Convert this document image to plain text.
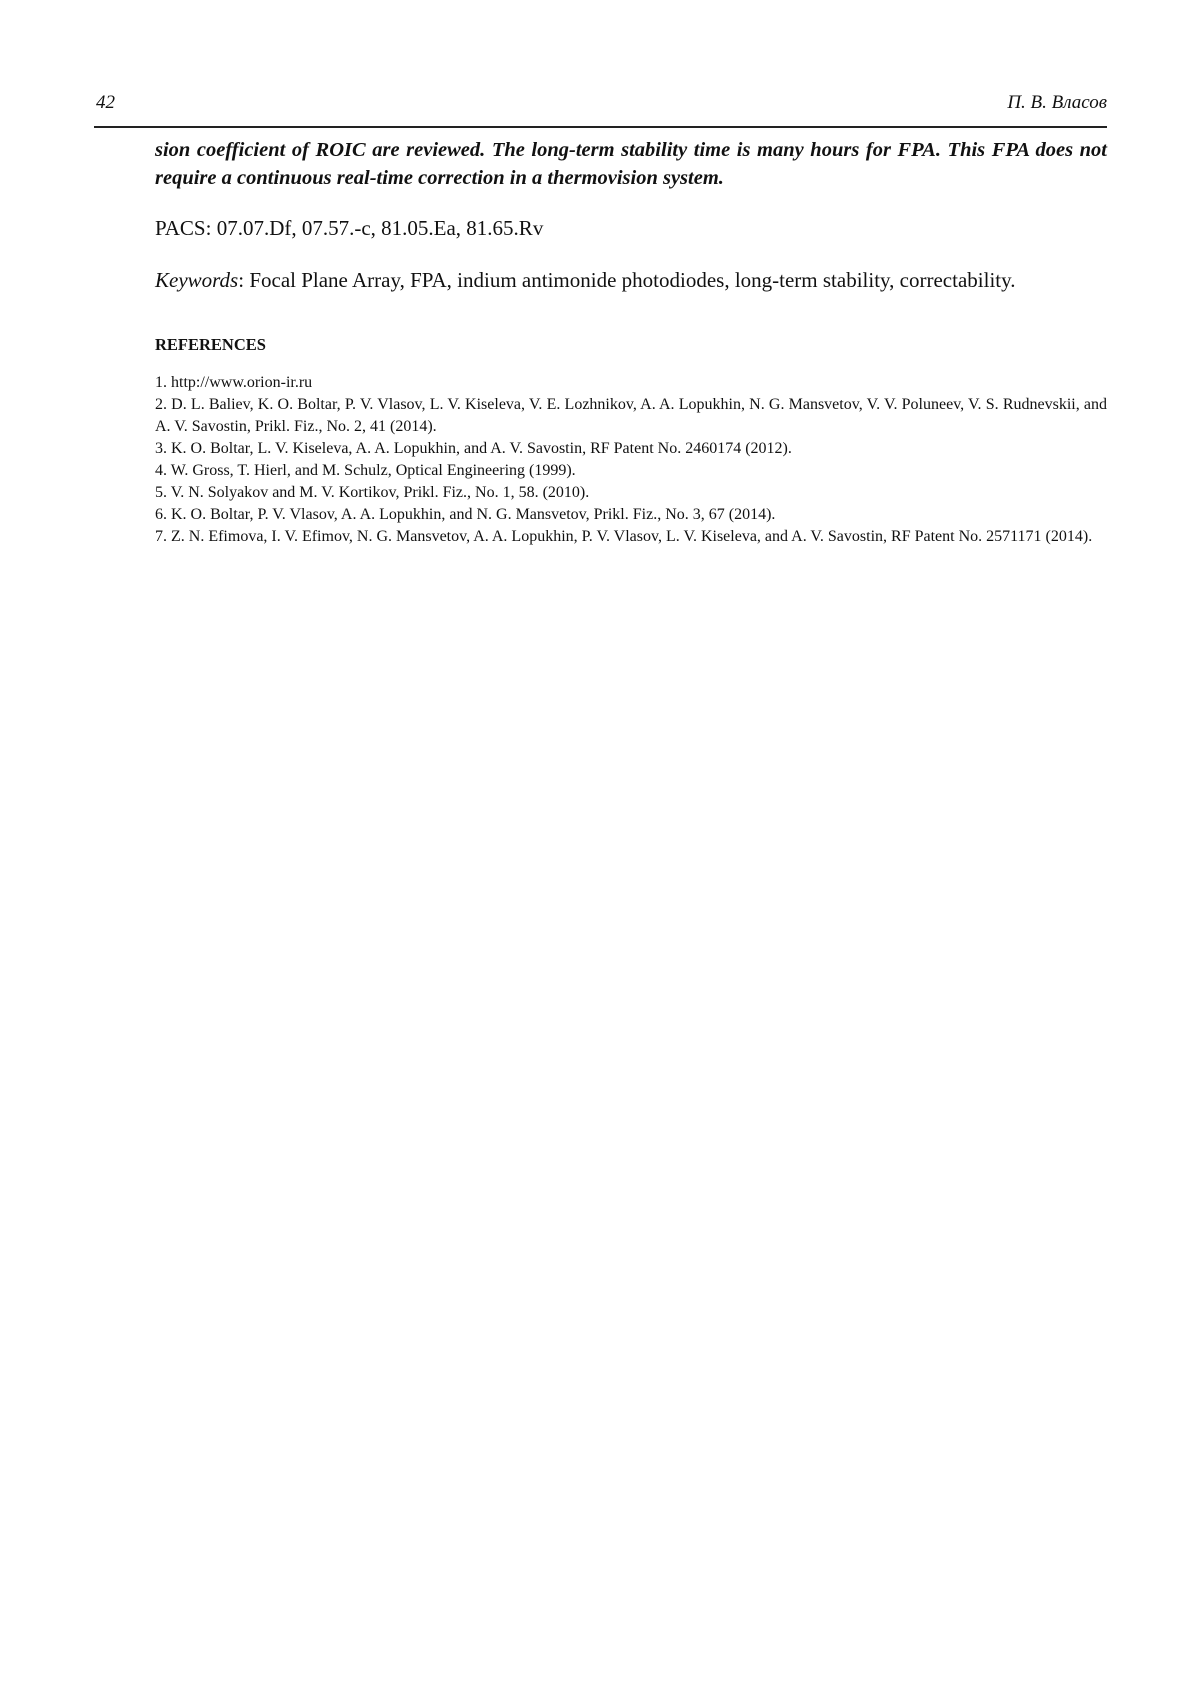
42	П. В. Власов

sion coefficient of ROIC are reviewed. The long-term stability time is many hours for FPA. This FPA does not require a continuous real-time correction in a thermovision system.

PACS: 07.07.Df, 07.57.-c, 81.05.Ea, 81.65.Rv

Keywords: Focal Plane Array, FPA, indium antimonide photodiodes, long-term stability, correctability.

REFERENCES
1. http://www.orion-ir.ru
2. D. L. Baliev, K. O. Boltar, P. V. Vlasov, L. V. Kiseleva, V. E. Lozhnikov, A. A. Lopukhin, N. G. Mansvetov, V. V. Poluneev, V. S. Rudnevskii, and A. V. Savostin, Prikl. Fiz., No. 2, 41 (2014).
3. K. O. Boltar, L. V. Kiseleva, A. A. Lopukhin, and A. V. Savostin, RF Patent No. 2460174 (2012).
4. W. Gross, T. Hierl, and M. Schulz, Optical Engineering (1999).
5. V. N. Solyakov and M. V. Kortikov, Prikl. Fiz., No. 1, 58. (2010).
6. K. O. Boltar, P. V. Vlasov, A. A. Lopukhin, and N. G. Mansvetov, Prikl. Fiz., No. 3, 67 (2014).
7. Z. N. Efimova, I. V. Efimov, N. G. Mansvetov, A. A. Lopukhin, P. V. Vlasov, L. V. Kiseleva, and A. V. Savostin, RF Patent No. 2571171 (2014).
